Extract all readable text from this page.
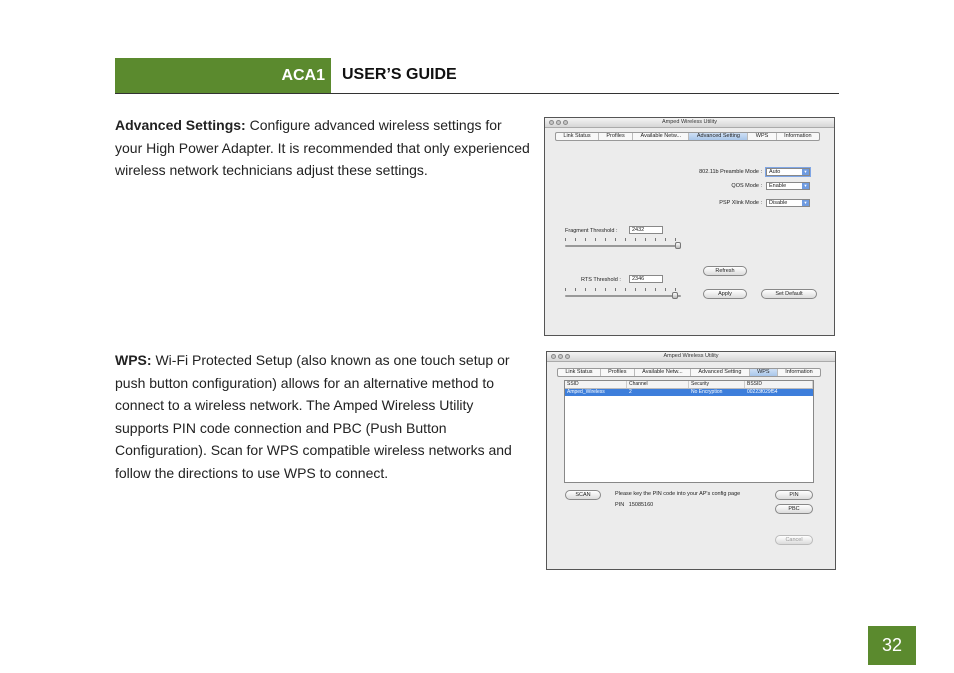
ACA1 USER’S GUIDE
Advanced Settings: Configure advanced wireless settings for your High Power Adapter. It is recommended that only experienced wireless network technicians adjust these settings.
WPS: Wi-Fi Protected Setup (also known as one touch setup or push button configuration) allows for an alternative method to connect to a wireless network. The Amped Wireless Utility supports PIN code connection and PBC (Push Button Configuration). Scan for WPS compatible wireless networks and follow the directions to use WPS to connect.
Amped Wireless Utility
Link Status	Profiles	Available Netw...	Advanced Setting	WPS	Information
802.11b Preamble Mode :	Auto	▼
QOS Mode :	Enable	▼
PSP Xlink Mode :	Disable	▼
Fragment Threshold :	2432
Refresh
RTS Threshold :	2346
Apply	Set Default
Amped Wireless Utility
Link Status	Profiles	Available Netw...	Advanced Setting	WPS	Information
SSID	Channel	Security	BSSID
Amped_Wireless	2	No Encryption	00223f029f54
SCAN	Please key the PIN code into your AP's config page
PIN 15085160
PIN
PBC
Cancel
32
